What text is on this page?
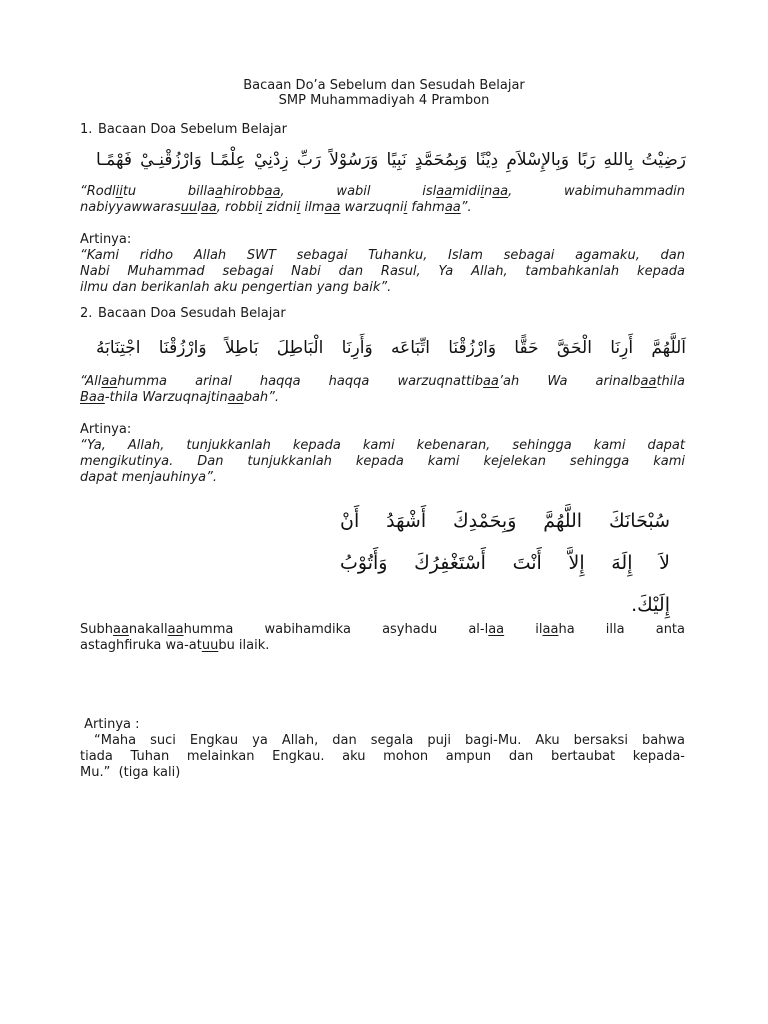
Bacaan Do’a Sebelum dan Sesudah Belajar
SMP Muhammadiyah 4 Prambon
1. Bacaan Doa Sebelum Belajar
رَضِيْتُ بِاللهِ رَبًا وَبِالإِسْلاَمِ دِيْنًا وَبِمُحَمَّدٍ نَبِيًا وَرَسُوْلاً رَبِّ زِدْنِيْ عِلْمًـا وَارْزُقْنِـيْ فَهْمًـا
“Rodliitu billaahirobbaa, wabil islaamidiinaa, wabimuhammadin
nabiyyawwarasuulaa, robbii zidnii ilmaa warzuqnii fahmaa”.
Artinya:
“Kami ridho Allah SWT sebagai Tuhanku, Islam sebagai agamaku, dan
Nabi Muhammad sebagai Nabi dan Rasul, Ya Allah, tambahkanlah kepada
ilmu dan berikanlah aku pengertian yang baik”.
2. Bacaan Doa Sesudah Belajar
اَللَّهُمَّ أَرِنَا الْحَقَّ حَقًّا وَارْزُقْنَا اتِّبَاعَه وَأَرِنَا الْبَاطِلَ بَاطِلاً وَارْزُقْنَا اجْتِنَابَهُ
“Allaahumma arinal haqqa haqqa warzuqnattibaa’ah Wa arinalbaathila
Baa-thila Warzuqnajtinaabah”.
Artinya:
“Ya, Allah, tunjukkanlah kepada kami kebenaran, sehingga kami dapat
mengikutinya. Dan tunjukkanlah kepada kami kejelekan sehingga kami
dapat menjauhinya”.
سُبْحَانَكَ اللَّهُمَّ وَبِحَمْدِكَ أَشْهَدُ أَنْ
لاَ إِلَهَ إِلاَّ أَنْتَ أَسْتَغْفِرُكَ وَأَتُوْبُ
إِلَيْكَ.
Subhaanakallaahumma wabihamdika asyhadu al-laa ilaaha illa anta
astaghfiruka wa-atuubu ilaik.
Artinya :
“Maha suci Engkau ya Allah, dan segala puji bagi-Mu. Aku bersaksi bahwa
tiada Tuhan melainkan Engkau. aku mohon ampun dan bertaubat kepada-
Mu.”  (tiga kali)
